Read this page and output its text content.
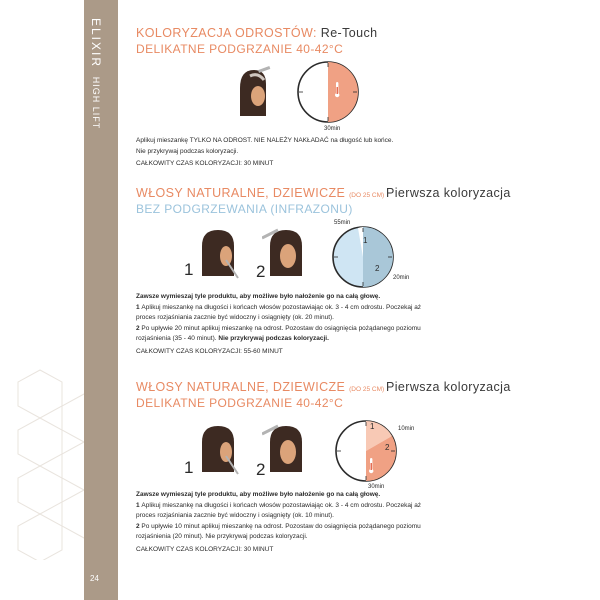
ELIXIR  HIGH LIFT
24
KOLORYZACJA ODROSTÓW: Re-Touch
DELIKATNE PODGRZANIE 40-42°C
30min
Aplikuj mieszankę TYLKO NA ODROST. NIE NALEŻY NAKŁADAĆ na długość lub końce.
Nie przykrywaj podczas koloryzacji.
CAŁKOWITY CZAS KOLORYZACJI: 30 MINUT
WŁOSY NATURALNE, DZIEWICZE (DO 25 CM) Pierwsza koloryzacja
BEZ PODGRZEWANIA (INFRAZONU)
1	2
1
2
55min
20min
Zawsze wymieszaj tyle produktu, aby możliwe było nałożenie go na całą głowę.
1 Aplikuj mieszankę na długości i końcach włosów pozostawiając ok. 3 - 4 cm odrostu. Poczekaj aż
proces rozjaśniania zacznie być widoczny i osiągnięty (ok. 20 minut).
2 Po upływie 20 minut aplikuj mieszankę na odrost. Pozostaw do osiągnięcia pożądanego poziomu
rozjaśnienia (35 - 40 minut). Nie przykrywaj podczas koloryzacji.
CAŁKOWITY CZAS KOLORYZACJI: 55-60 MINUT
WŁOSY NATURALNE, DZIEWICZE (DO 25 CM) Pierwsza koloryzacja
DELIKATNE PODGRZANIE 40-42°C
1	2
1
2
10min
30min
Zawsze wymieszaj tyle produktu, aby możliwe było nałożenie go na całą głowę.
1 Aplikuj mieszankę na długości i końcach włosów pozostawiając ok. 3 - 4 cm odrostu. Poczekaj aż
proces rozjaśniania zacznie być widoczny i osiągnięty (ok. 10 minut).
2 Po upływie 10 minut aplikuj mieszankę na odrost. Pozostaw do osiągnięcia pożądanego poziomu
rozjaśnienia (20 minut). Nie przykrywaj podczas koloryzacji.
CAŁKOWITY CZAS KOLORYZACJI: 30 MINUT
